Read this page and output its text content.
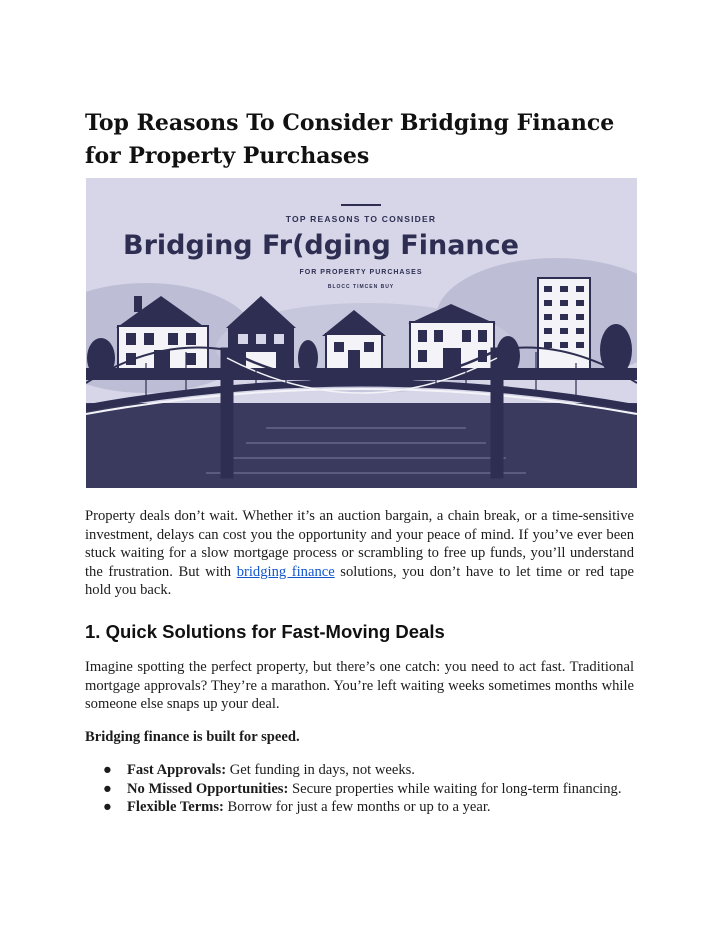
Top Reasons To Consider Bridging Finance for Property Purchases
TOP REASONS TO CONSIDER
Bridging Fr(dging Finance
FOR PROPERTY PURCHASES
BLOCC TIMCEN BUY

Property deals don’t wait. Whether it’s an auction bargain, a chain break, or a time-sensitive investment, delays can cost you the opportunity and your peace of mind. If you’ve ever been stuck waiting for a slow mortgage process or scrambling to free up funds, you’ll understand the frustration. But with bridging finance solutions, you don’t have to let time or red tape hold you back.

1. Quick Solutions for Fast-Moving Deals

Imagine spotting the perfect property, but there’s one catch: you need to act fast. Traditional mortgage approvals? They’re a marathon. You’re left waiting weeks sometimes months while someone else snaps up your deal.

Bridging finance is built for speed.

● Fast Approvals: Get funding in days, not weeks.
● No Missed Opportunities: Secure properties while waiting for long-term financing.
● Flexible Terms: Borrow for just a few months or up to a year.
